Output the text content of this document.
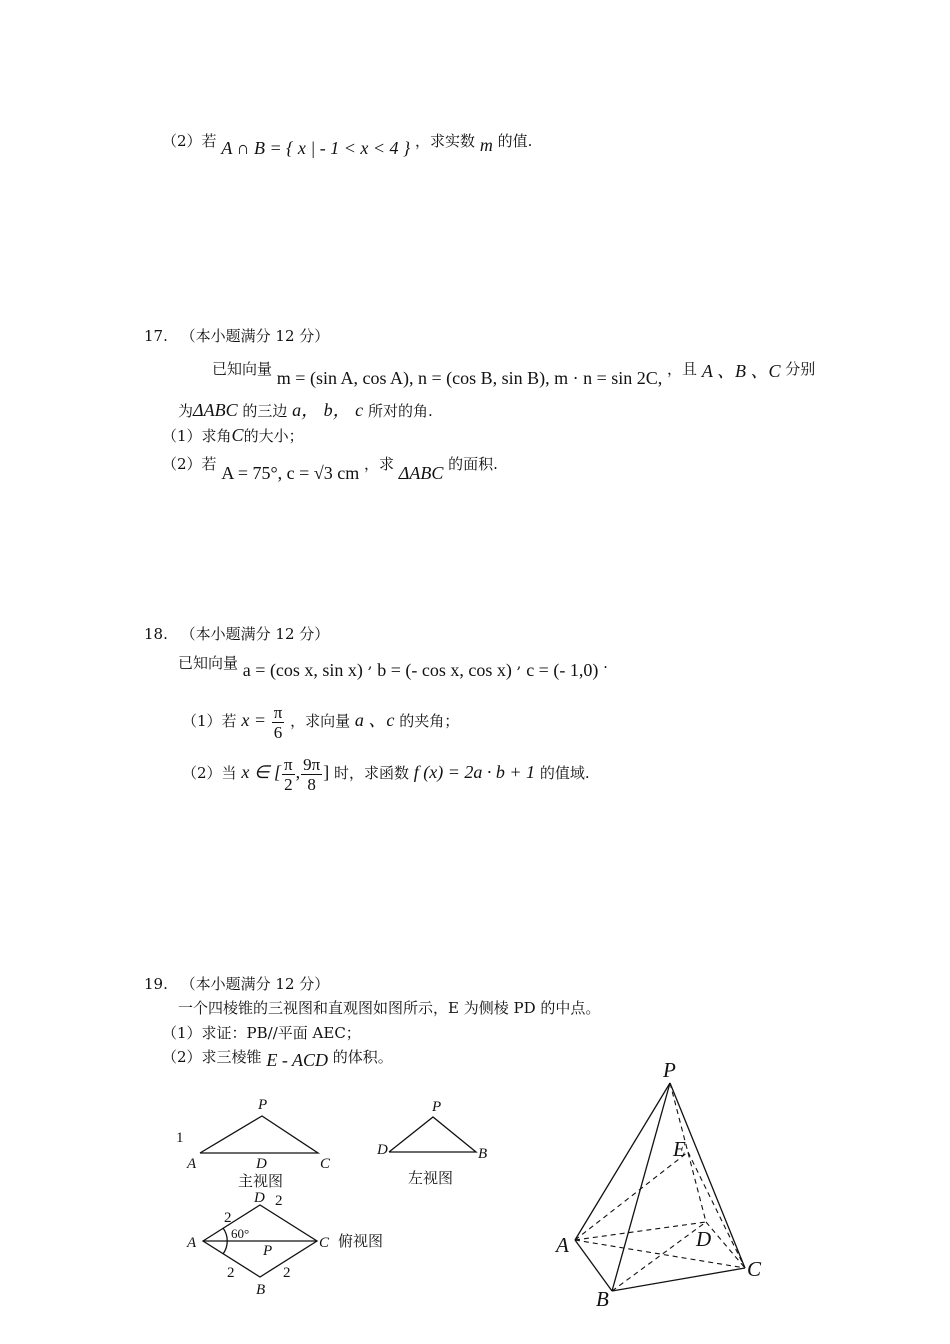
（2）若 A ∩ B = { x | - 1 < x < 4 } ，求实数 m 的值.
17. （本小题满分 12 分）
已知向量 m = (sin A, cos A), n = (cos B, sin B), m · n = sin 2C, ，且 A 、B 、C 分别
为ΔABC 的三边 a， b， c 所对的角.
（1）求角C的大小；
（2）若 A = 75°, c = √3 cm ，求 ΔABC 的面积.
18. （本小题满分 12 分）
已知向量 a = (cos x, sin x) , b = (- cos x, cos x) , c = (- 1,0) .
（1）若 $x = \frac{\pi}{6}$ ，求向量 a 、c 的夹角；
（2）当 x ∈ [ $\frac{\pi}{2}$ , $\frac{9\pi}{8}$ ] 时，求函数 f (x) = 2a · b + 1 的值域.
19. （本小题满分 12 分）
一个四棱锥的三视图和直观图如图所示，E 为侧棱 PD 的中点。
（1）求证：PB//平面 AEC；
（2）求三棱锥 E - ACD 的体积。
P
A	D	C
1
主视图
P
D	B
左视图
D 2
2
60°
A	C
P
2	2
B
俯视图
P
E
A	D
C
B
